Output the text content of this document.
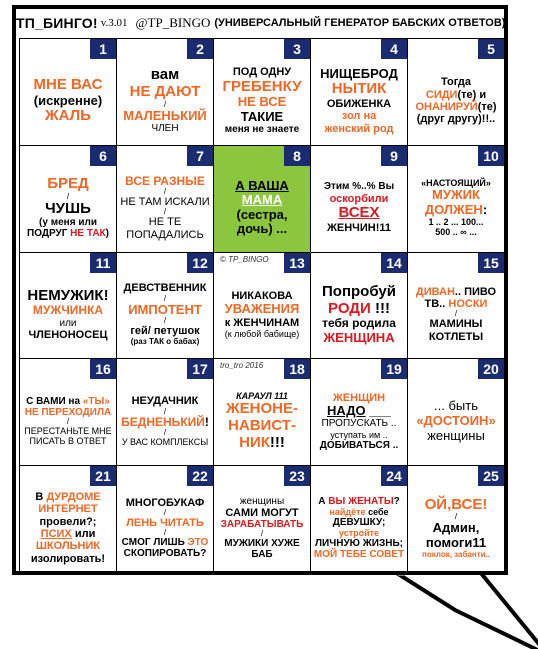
ТП_БИНГО! v.3.01 @TP_BINGO (УНИВЕРСАЛЬНЫЙ ГЕНЕРАТОР БАБСКИХ ОТВЕТОВ)
1
МНЕ ВАС
(искренне)
ЖАЛЬ
2
вам
НЕ ДАЮТ
/
МАЛЕНЬКИЙ
ЧЛЕН
3
ПОД ОДНУ
ГРЕБЕНКУ
НЕ ВСЕ ТАКИЕ
меня не знаете
4
НИЩЕБРОД
НЫТИК
ОБИЖЕНКА
зол на
женский род
5
Тогда
СИДИ(те) и
ОНАНИРУЙ(те)
(друг другу)!!..
6
БРЕД
/
ЧУШЬ
(у меня или
ПОДРУГ НЕ ТАК)
7
ВСЕ РАЗНЫЕ
/
НЕ ТАМ ИСКАЛИ
/
НЕ ТЕ
ПОПАДАЛИСЬ
8
А ВАША
МАМА
(сестра,
дочь) ...
9
Этим %..% Вы
оскорбили
ВСЕХ
ЖЕНЧИН!11
10
«НАСТОЯЩИЙ»
МУЖИК
ДОЛЖЕН:
1 .. 2 ... 100...
500 .. ∞ ...
11
НЕМУЖИК!
МУЖЧИНКА
или
ЧЛЕНОНОСЕЦ
12
ДЕВСТВЕННИК
/
ИМПОТЕНТ
/
гей/ петушок
(раз ТАК о бабах)
© TP_BINGO	13
НИКАКОВА
УВАЖЕНИЯ
к ЖЕНЧИНАМ
(к любой бабище)
14
Попробуй
РОДИ !!!
тебя родила
ЖЕНЩИНА
15
ДИВАН.. ПИВО
ТВ.. НОСКИ
/
МАМИНЫ
КОТЛЕТЫ
16
С ВАМИ на «ТЫ»
НЕ ПЕРЕХОДИЛА
/
ПЕРЕСТАНЬТЕ МНЕ
ПИСАТЬ В ОТВЕТ
17
НЕУДАЧНИК
/
БЕДНЕНЬКИЙ!
/
У ВАС КОМПЛЕКСЫ
tro_tro 2016	18
КАРАУЛ 111
ЖЕНОНЕ-
НАВИСТ-
НИК!!!
19
ЖЕНЩИН
НАДО ___
ПРОПУСКАТЬ ..
уступать им ..
ДОБИВАТЬСЯ ..
20
... быть
«ДОСТОИН»
женщины
21
В ДУРДОМЕ
ИНТЕРНЕТ
провели?;
ПСИХ или
ШКОЛЬНИК
изолировать!
22
МНОГОБУКАФ
/
ЛЕНЬ ЧИТАТЬ
/
СМОГ ЛИШЬ ЭТО
СКОПИРОВАТЬ?
23
женщины
САМИ МОГУТ
ЗАРАБАТЫВАТЬ
/
МУЖИКИ ХУЖЕ
БАБ
24
А ВЫ ЖЕНАТЫ?
найдёте себе
ДЕВУШКУ;
устройте
ЛИЧНУЮ ЖИЗНЬ;
МОЙ ТЕБЕ СОВЕТ
25
ОЙ,ВСЕ!
/
Админ,
помоги11
поклок, забанти..
